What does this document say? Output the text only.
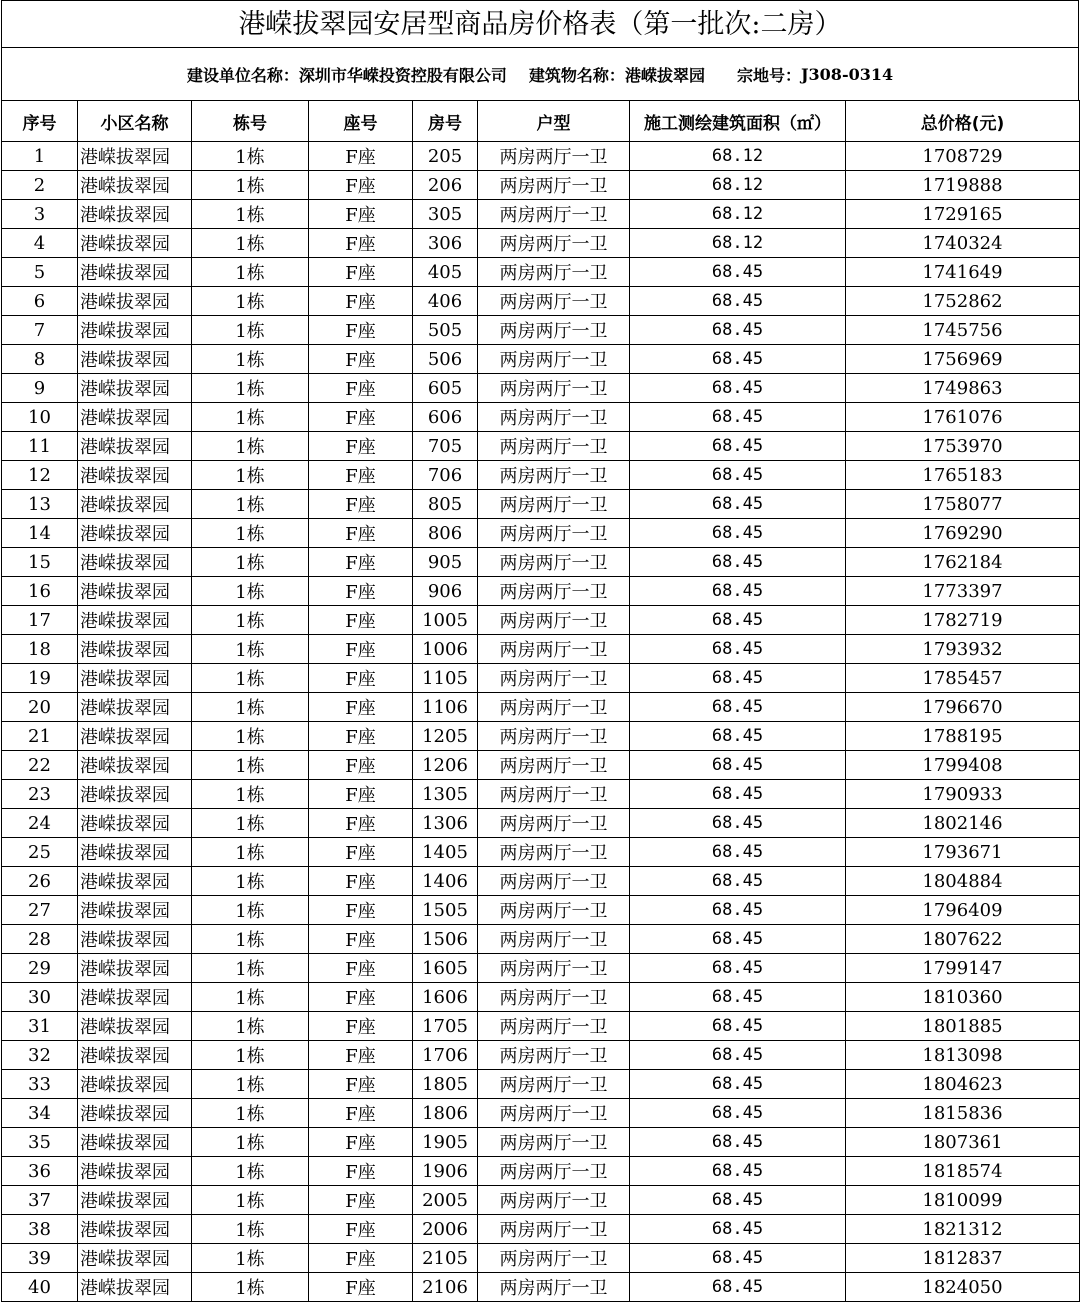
港嵘拔翠园安居型商品房价格表（第一批次:二房）
建设单位名称： 深圳市华嵘投资控股有限公司 建筑物名称： 港嵘拔翠园 宗地号： J308-0314
序号	小区名称	栋号	座号	房号	户型	施工测绘建筑面积（㎡）	总价格(元)
1	港嵘拔翠园	1栋	F座	205	两房两厅一卫	68.12	1708729
2	港嵘拔翠园	1栋	F座	206	两房两厅一卫	68.12	1719888
3	港嵘拔翠园	1栋	F座	305	两房两厅一卫	68.12	1729165
4	港嵘拔翠园	1栋	F座	306	两房两厅一卫	68.12	1740324
5	港嵘拔翠园	1栋	F座	405	两房两厅一卫	68.45	1741649
6	港嵘拔翠园	1栋	F座	406	两房两厅一卫	68.45	1752862
7	港嵘拔翠园	1栋	F座	505	两房两厅一卫	68.45	1745756
8	港嵘拔翠园	1栋	F座	506	两房两厅一卫	68.45	1756969
9	港嵘拔翠园	1栋	F座	605	两房两厅一卫	68.45	1749863
10	港嵘拔翠园	1栋	F座	606	两房两厅一卫	68.45	1761076
11	港嵘拔翠园	1栋	F座	705	两房两厅一卫	68.45	1753970
12	港嵘拔翠园	1栋	F座	706	两房两厅一卫	68.45	1765183
13	港嵘拔翠园	1栋	F座	805	两房两厅一卫	68.45	1758077
14	港嵘拔翠园	1栋	F座	806	两房两厅一卫	68.45	1769290
15	港嵘拔翠园	1栋	F座	905	两房两厅一卫	68.45	1762184
16	港嵘拔翠园	1栋	F座	906	两房两厅一卫	68.45	1773397
17	港嵘拔翠园	1栋	F座	1005	两房两厅一卫	68.45	1782719
18	港嵘拔翠园	1栋	F座	1006	两房两厅一卫	68.45	1793932
19	港嵘拔翠园	1栋	F座	1105	两房两厅一卫	68.45	1785457
20	港嵘拔翠园	1栋	F座	1106	两房两厅一卫	68.45	1796670
21	港嵘拔翠园	1栋	F座	1205	两房两厅一卫	68.45	1788195
22	港嵘拔翠园	1栋	F座	1206	两房两厅一卫	68.45	1799408
23	港嵘拔翠园	1栋	F座	1305	两房两厅一卫	68.45	1790933
24	港嵘拔翠园	1栋	F座	1306	两房两厅一卫	68.45	1802146
25	港嵘拔翠园	1栋	F座	1405	两房两厅一卫	68.45	1793671
26	港嵘拔翠园	1栋	F座	1406	两房两厅一卫	68.45	1804884
27	港嵘拔翠园	1栋	F座	1505	两房两厅一卫	68.45	1796409
28	港嵘拔翠园	1栋	F座	1506	两房两厅一卫	68.45	1807622
29	港嵘拔翠园	1栋	F座	1605	两房两厅一卫	68.45	1799147
30	港嵘拔翠园	1栋	F座	1606	两房两厅一卫	68.45	1810360
31	港嵘拔翠园	1栋	F座	1705	两房两厅一卫	68.45	1801885
32	港嵘拔翠园	1栋	F座	1706	两房两厅一卫	68.45	1813098
33	港嵘拔翠园	1栋	F座	1805	两房两厅一卫	68.45	1804623
34	港嵘拔翠园	1栋	F座	1806	两房两厅一卫	68.45	1815836
35	港嵘拔翠园	1栋	F座	1905	两房两厅一卫	68.45	1807361
36	港嵘拔翠园	1栋	F座	1906	两房两厅一卫	68.45	1818574
37	港嵘拔翠园	1栋	F座	2005	两房两厅一卫	68.45	1810099
38	港嵘拔翠园	1栋	F座	2006	两房两厅一卫	68.45	1821312
39	港嵘拔翠园	1栋	F座	2105	两房两厅一卫	68.45	1812837
40	港嵘拔翠园	1栋	F座	2106	两房两厅一卫	68.45	1824050
